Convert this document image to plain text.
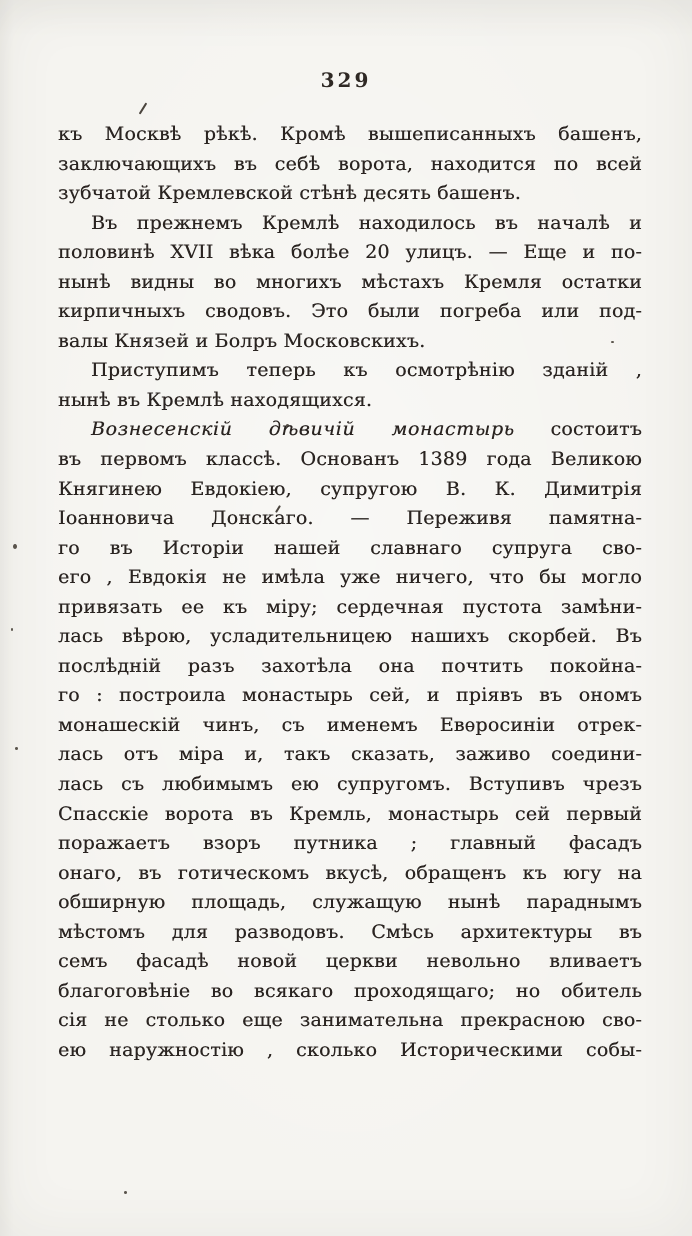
329
къ Москвѣ рѣкѣ. Кромѣ вышеписанныхъ башенъ,
заключающихъ въ себѣ ворота, находится по всей
зубчатой Кремлевской стѣнѣ десять башенъ.
Въ прежнемъ Кремлѣ находилось въ началѣ и
половинѣ XVII вѣка болѣе 20 улицъ. — Еще и по-
нынѣ видны во многихъ мѣстахъ Кремля остатки
кирпичныхъ сводовъ. Это были погреба или под-
валы Князей и Болръ Московскихъ.
Приступимъ теперь къ осмотрѣнію зданій ,
нынѣ въ Кремлѣ находящихся.
Вознесенскій дѣвичій монастырь состоитъ
въ первомъ классѣ. Основанъ 1389 года Великою
Княгинею Евдокіею, супругою В. К. Димитрія
Іоанновича Донскаго. — Переживя памятна-
го въ Исторіи нашей славнаго супруга сво-
его , Евдокія не имѣла уже ничего, что бы могло
привязать ее къ міру; сердечная пустота замѣни-
лась вѣрою, усладительницею нашихъ скорбей. Въ
послѣдній разъ захотѣла она почтить покойна-
го : построила монастырь сей, и пріявъ въ ономъ
монашескій чинъ, съ именемъ Евѳросиніи отрек-
лась отъ міра и, такъ сказать, заживо соедини-
лась съ любимымъ ею супругомъ. Вступивъ чрезъ
Спасскіе ворота въ Кремль, монастырь сей первый
поражаетъ взоръ путника ; главный фасадъ
онаго, въ готическомъ вкусѣ, обращенъ къ югу на
обширную площадь, служащую нынѣ параднымъ
мѣстомъ для разводовъ. Смѣсь архитектуры въ
семъ фасадѣ новой церкви невольно вливаетъ
благоговѣніе во всякаго проходящаго; но обитель
сія не столько еще занимательна прекрасною сво-
ею наружностію , сколько Историческими собы-
